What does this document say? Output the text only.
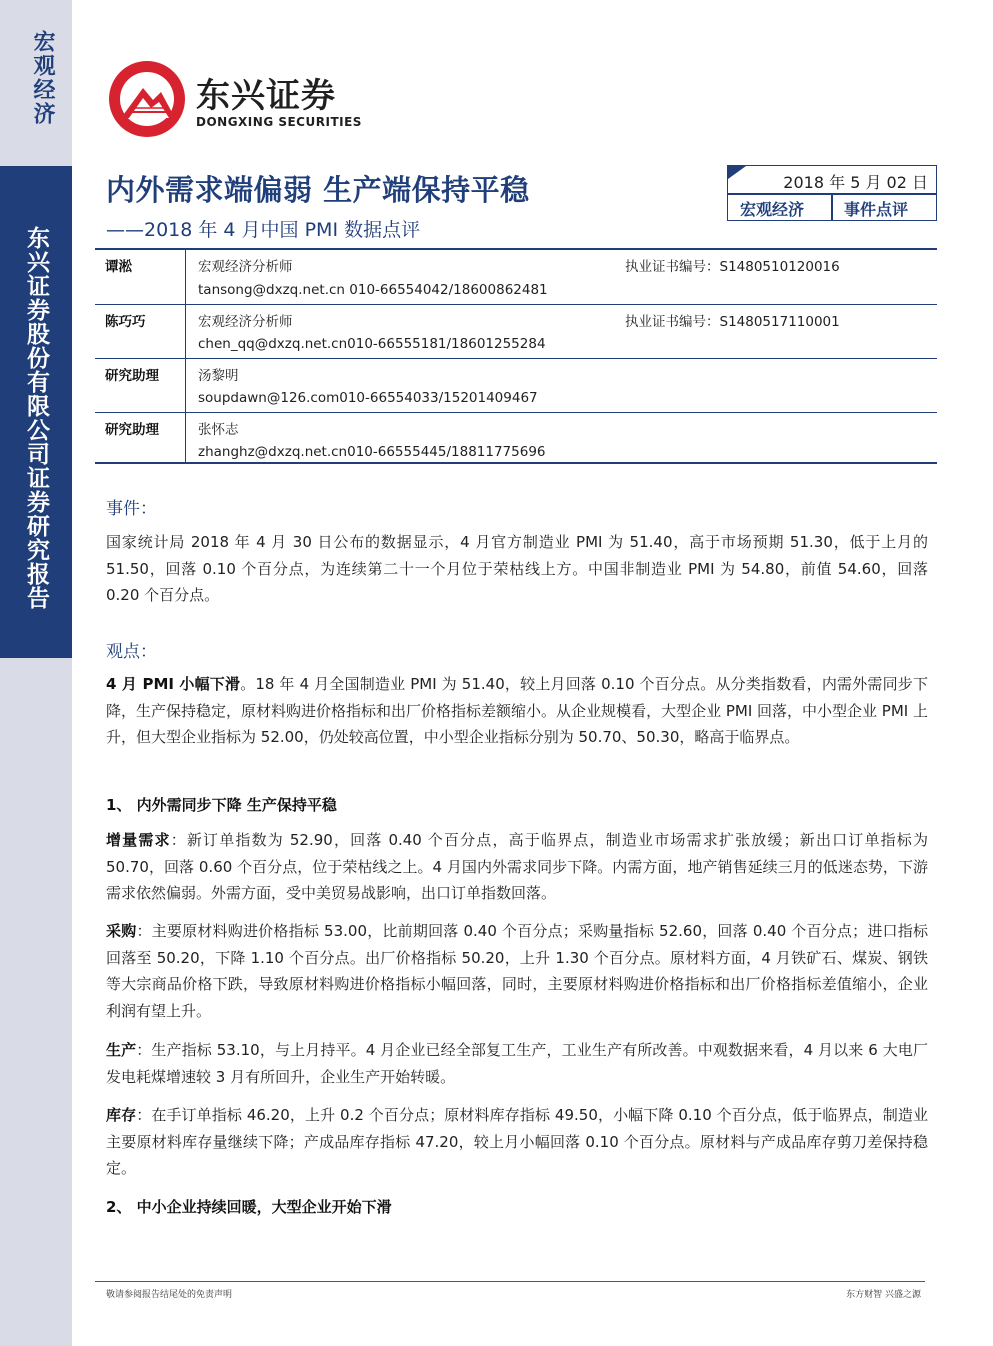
宏观经济
东兴证券股份有限公司证券研究报告
东兴证券
DONGXING SECURITIES
内外需求端偏弱 生产端保持平稳
——2018 年 4 月中国 PMI 数据点评
2018 年 5 月 02 日
宏观经济 事件点评
谭淞	宏观经济分析师	执业证书编号：S1480510120016
tansong@dxzq.net.cn 010-66554042/18600862481
陈巧巧	宏观经济分析师	执业证书编号：S1480517110001
chen_qq@dxzq.net.cn010-66555181/18601255284
研究助理	汤黎明
soupdawn@126.com010-66554033/15201409467
研究助理	张怀志
zhanghz@dxzq.net.cn010-66555445/18811775696
事件：
国家统计局 2018 年 4 月 30 日公布的数据显示，4 月官方制造业 PMI 为 51.40，高于市场预期 51.30，低于上月的 51.50，回落 0.10 个百分点，为连续第二十一个月位于荣枯线上方。中国非制造业 PMI 为 54.80，前值 54.60，回落 0.20 个百分点。
观点：
4 月 PMI 小幅下滑。18 年 4 月全国制造业 PMI 为 51.40，较上月回落 0.10 个百分点。从分类指数看，内需外需同步下降，生产保持稳定，原材料购进价格指标和出厂价格指标差额缩小。从企业规模看，大型企业 PMI 回落，中小型企业 PMI 上升，但大型企业指标为 52.00，仍处较高位置，中小型企业指标分别为 50.70、50.30，略高于临界点。
1、 内外需同步下降 生产保持平稳
增量需求：新订单指数为 52.90，回落 0.40 个百分点，高于临界点，制造业市场需求扩张放缓；新出口订单指标为 50.70，回落 0.60 个百分点，位于荣枯线之上。4 月国内外需求同步下降。内需方面，地产销售延续三月的低迷态势，下游需求依然偏弱。外需方面，受中美贸易战影响，出口订单指数回落。
采购：主要原材料购进价格指标 53.00，比前期回落 0.40 个百分点；采购量指标 52.60，回落 0.40 个百分点；进口指标回落至 50.20，下降 1.10 个百分点。出厂价格指标 50.20，上升 1.30 个百分点。原材料方面，4 月铁矿石、煤炭、钢铁等大宗商品价格下跌，导致原材料购进价格指标小幅回落，同时，主要原材料购进价格指标和出厂价格指标差值缩小，企业利润有望上升。
生产：生产指标 53.10，与上月持平。4 月企业已经全部复工生产，工业生产有所改善。中观数据来看，4 月以来 6 大电厂发电耗煤增速较 3 月有所回升，企业生产开始转暖。
库存：在手订单指标 46.20，上升 0.2 个百分点；原材料库存指标 49.50，小幅下降 0.10 个百分点，低于临界点，制造业主要原材料库存量继续下降；产成品库存指标 47.20，较上月小幅回落 0.10 个百分点。原材料与产成品库存剪刀差保持稳定。
2、 中小企业持续回暖，大型企业开始下滑
敬请参阅报告结尾处的免责声明	东方财智 兴盛之源
